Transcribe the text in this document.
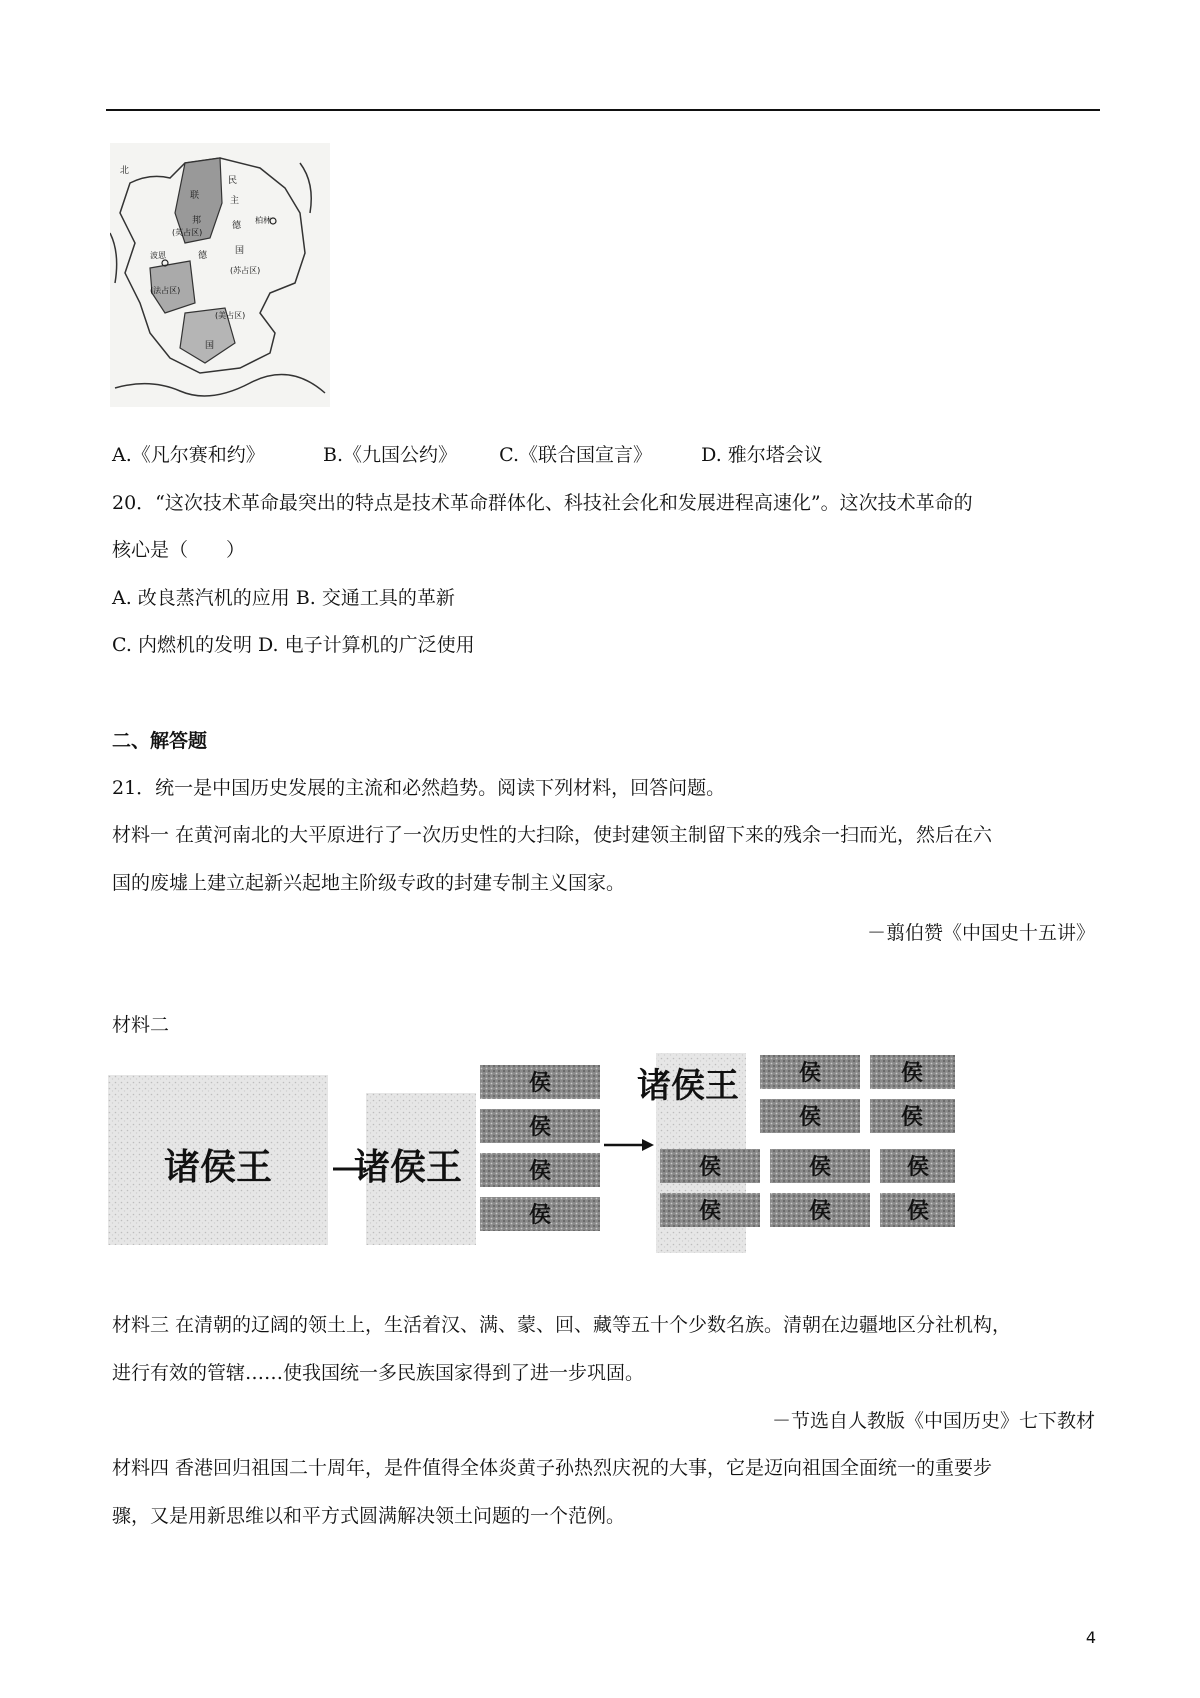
北
民
主
德
国
联
邦
德
(英占区)
(苏占区)
(法占区)
(美占区)
柏林
波恩
国
A.《凡尔赛和约》	B.《九国公约》 C.《联合国宣言》	D. 雅尔塔会议
20．“这次技术革命最突出的特点是技术革命群体化、科技社会化和发展进程高速化”。这次技术革命的
核心是（　　）
A. 改良蒸汽机的应用 B. 交通工具的革新
C. 内燃机的发明 D. 电子计算机的广泛使用
二、解答题
21．统一是中国历史发展的主流和必然趋势。阅读下列材料，回答问题。
材料一 在黄河南北的大平原进行了一次历史性的大扫除，使封建领主制留下来的残余一扫而光，然后在六
国的废墟上建立起新兴起地主阶级专政的封建专制主义国家。
－翦伯赞《中国史十五讲》
材料二
诸侯王 诸侯王
侯
侯
侯
侯
诸侯王	侯
侯
侯	侯
侯	侯
侯
侯
侯
侯
材料三 在清朝的辽阔的领土上，生活着汉、满、蒙、回、藏等五十个少数名族。清朝在边疆地区分社机构，
进行有效的管辖……使我国统一多民族国家得到了进一步巩固。
－节选自人教版《中国历史》七下教材
材料四 香港回归祖国二十周年，是件值得全体炎黄子孙热烈庆祝的大事，它是迈向祖国全面统一的重要步
骤，又是用新思维以和平方式圆满解决领土问题的一个范例。
4
